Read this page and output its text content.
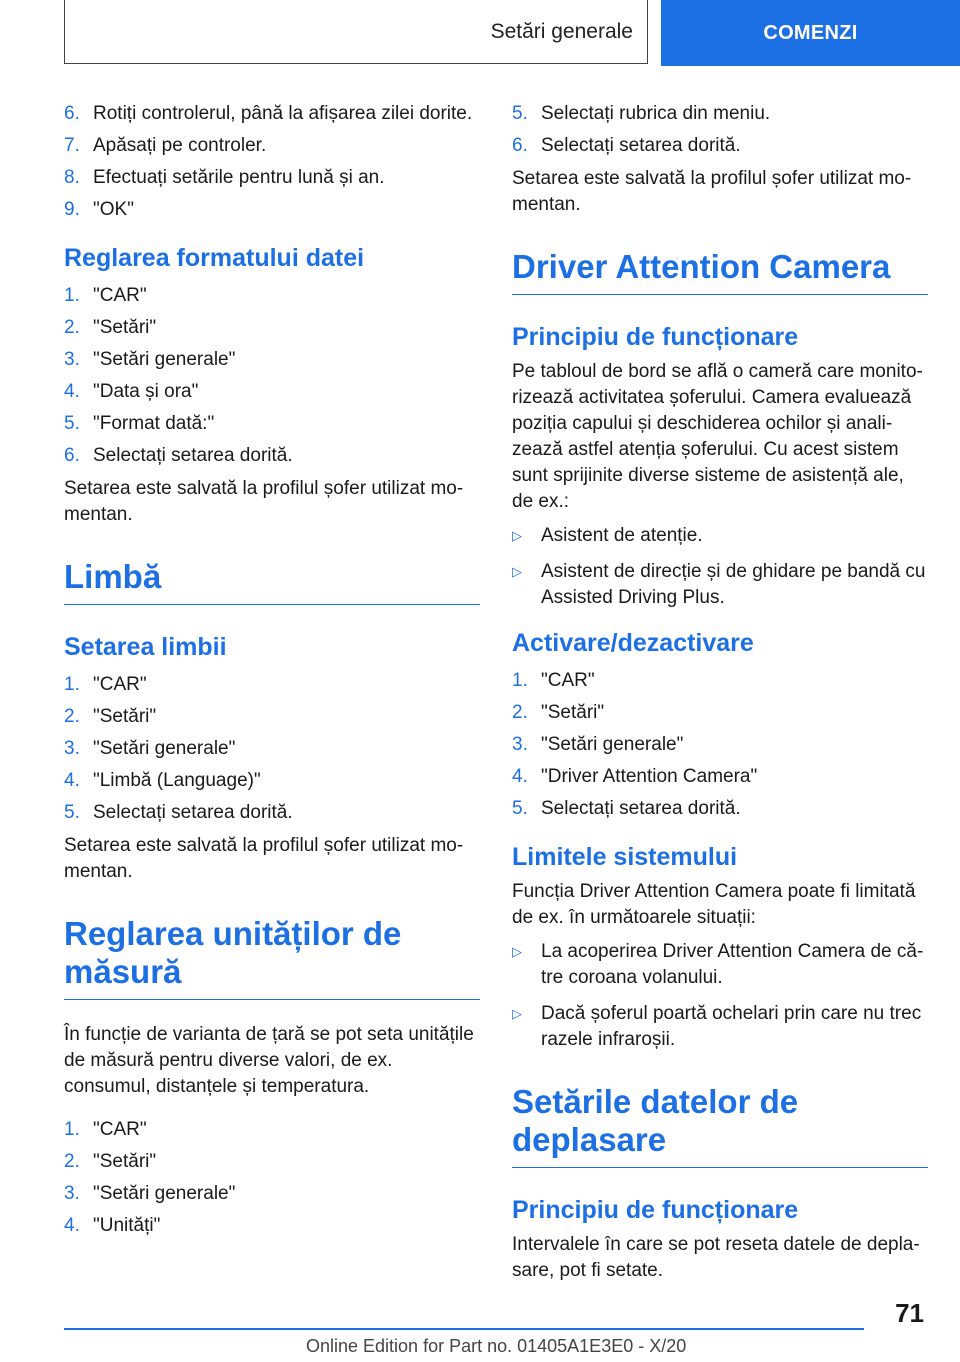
Setări generale	COMENZI
6. Rotiți controlerul, până la afișarea zilei dorite.
7. Apăsați pe controler.
8. Efectuați setările pentru lună și an.
9. "OK"
Reglarea formatului datei
1. "CAR"
2. "Setări"
3. "Setări generale"
4. "Data și ora"
5. "Format dată:"
6. Selectați setarea dorită.

Setarea este salvată la profilul șofer utilizat mo-mentan.

Limbă
Setarea limbii
1. "CAR"
2. "Setări"
3. "Setări generale"
4. "Limbă (Language)"
5. Selectați setarea dorită.

Setarea este salvată la profilul șofer utilizat mo-mentan.

Reglarea unităților de măsură

În funcție de varianta de țară se pot seta unitățile de măsură pentru diverse valori, de ex. consumul, distanțele și temperatura.

1. "CAR"
2. "Setări"
3. "Setări generale"
4. "Unități"
5. Selectați rubrica din meniu.
6. Selectați setarea dorită.

Setarea este salvată la profilul șofer utilizat mo-mentan.

Driver Attention Camera
Principiu de funcționare

Pe tabloul de bord se află o cameră care monito-rizează activitatea șoferului. Camera evaluează poziția capului și deschiderea ochilor și anali-zează astfel atenția șoferului. Cu acest sistem sunt sprijinite diverse sisteme de asistență ale, de ex.:

▷	Asistent de atenție.
▷	Asistent de direcție și de ghidare pe bandă cu Assisted Driving Plus.
Activare/dezactivare
1. "CAR"
2. "Setări"
3. "Setări generale"
4. "Driver Attention Camera"
5. Selectați setarea dorită.
Limitele sistemului

Funcția Driver Attention Camera poate fi limitată de ex. în următoarele situații:

▷	La acoperirea Driver Attention Camera de că-tre coroana volanului.
▷	Dacă șoferul poartă ochelari prin care nu trec razele infraroșii.
Setările datelor de deplasare
Principiu de funcționare

Intervalele în care se pot reseta datele de depla-sare, pot fi setate.

71
Online Edition for Part no. 01405A1E3E0 - X/20
